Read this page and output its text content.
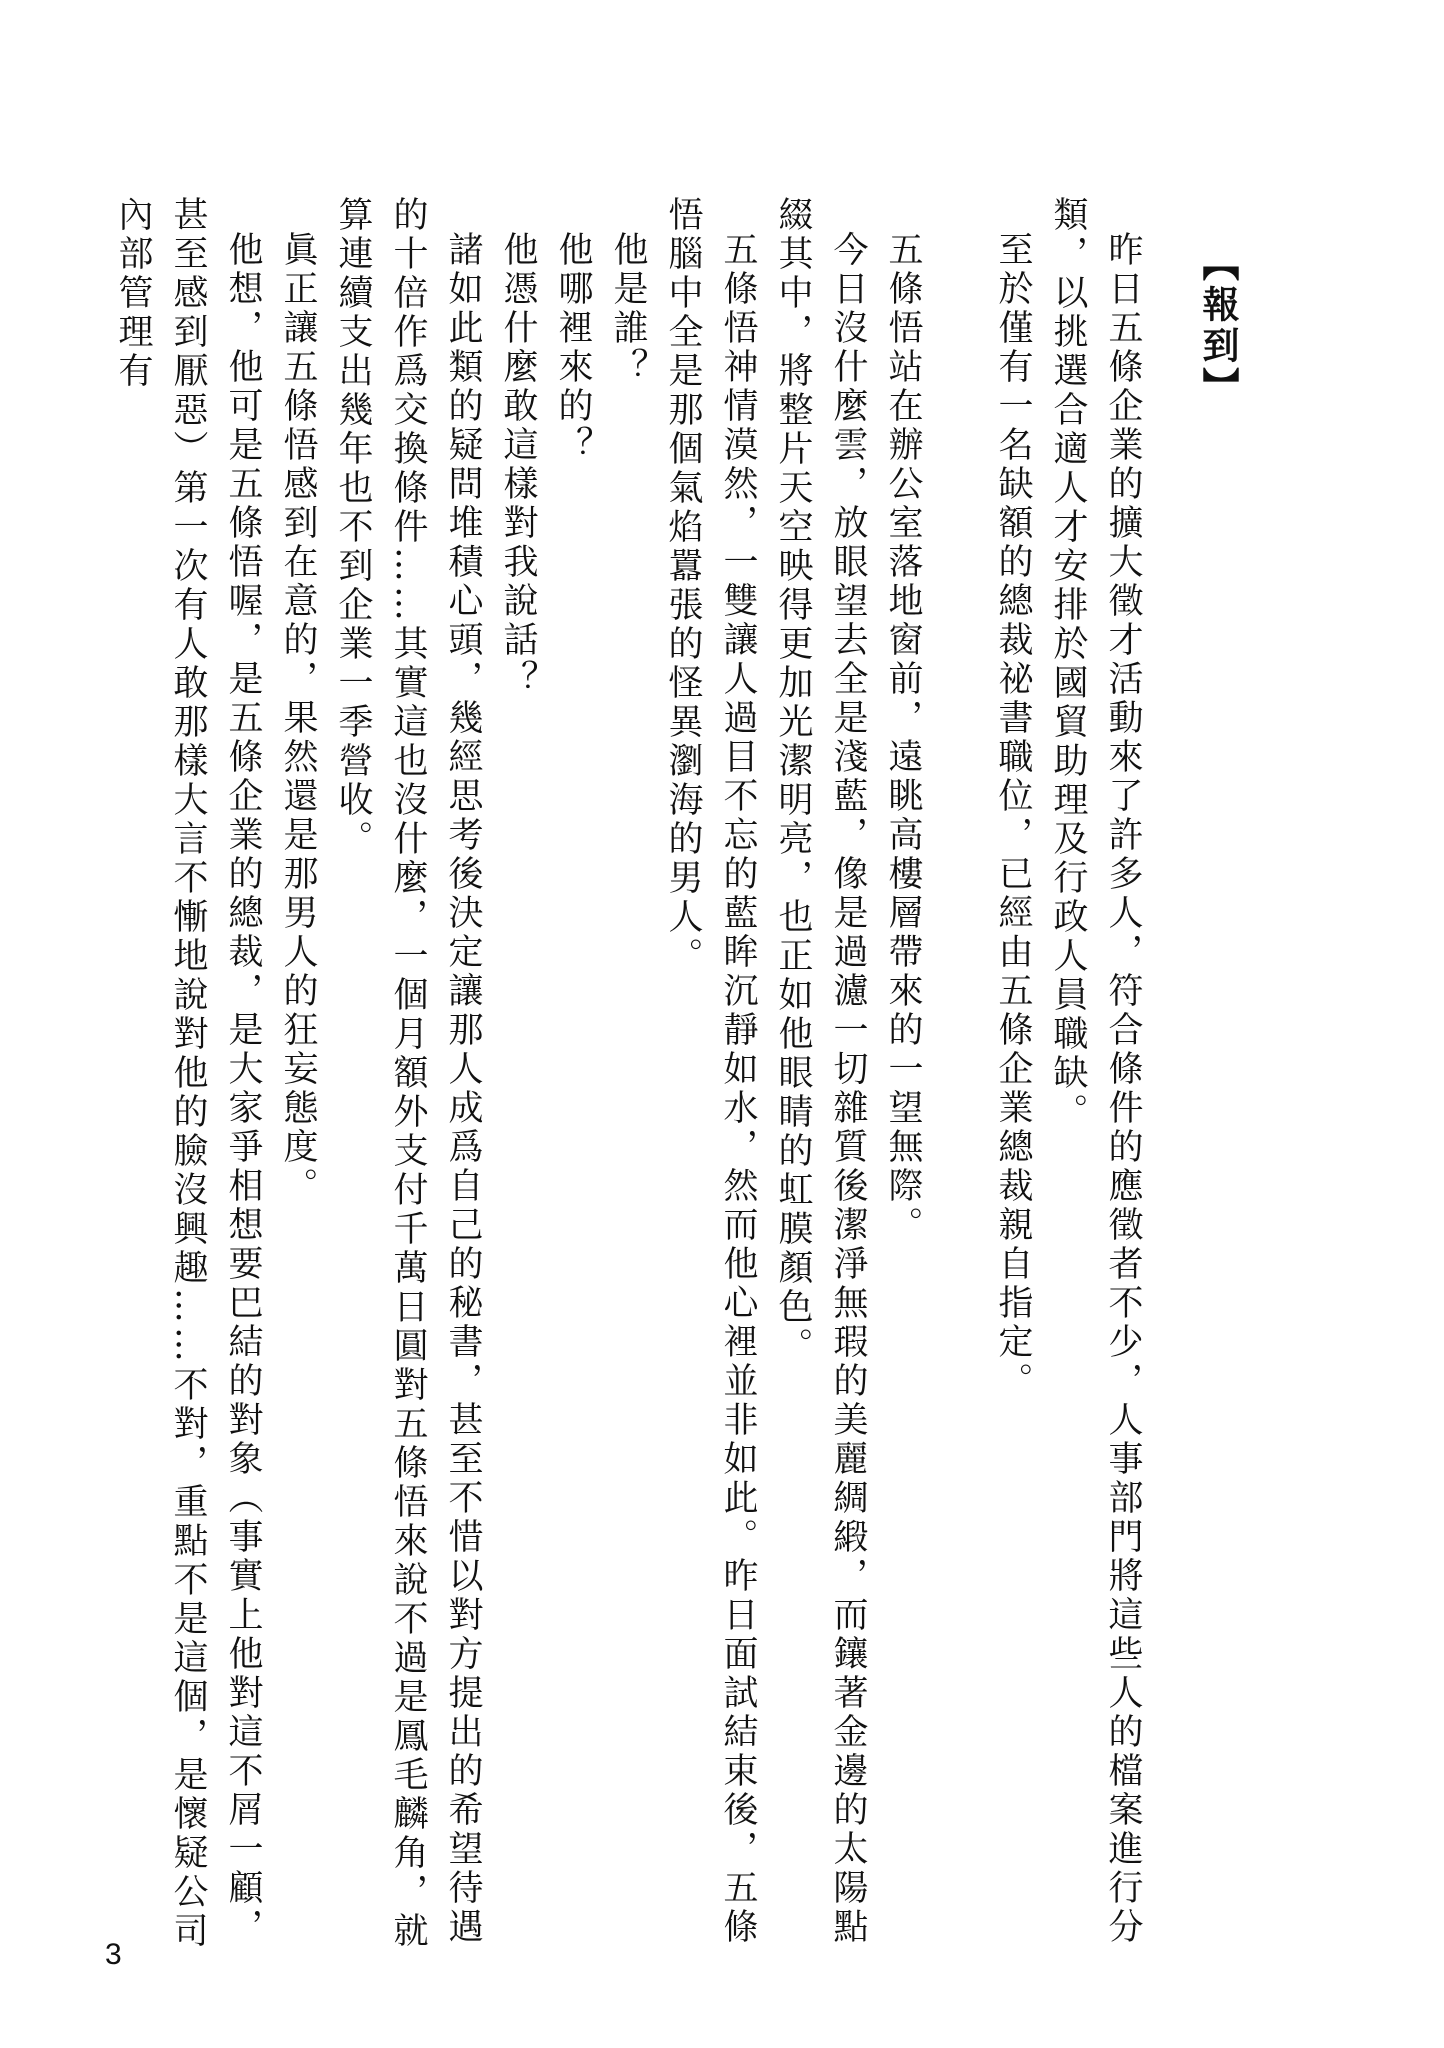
【報到】

昨日五條企業的擴大徵才活動來了許多人，符合條件的應徵者不少，人事部門將這些人的檔案進行分類，以挑選合適人才安排於國貿助理及行政人員職缺。

至於僅有一名缺額的總裁祕書職位，已經由五條企業總裁親自指定。

五條悟站在辦公室落地窗前，遠眺高樓層帶來的一望無際。

今日沒什麼雲，放眼望去全是淺藍，像是過濾一切雜質後潔淨無瑕的美麗綢緞，而鑲著金邊的太陽點綴其中，將整片天空映得更加光潔明亮，也正如他眼睛的虹膜顏色。

五條悟神情漠然，一雙讓人過目不忘的藍眸沉靜如水，然而他心裡並非如此。昨日面試結束後，五條悟腦中全是那個氣焰囂張的怪異瀏海的男人。

他是誰？

他哪裡來的？

他憑什麼敢這樣對我說話？

諸如此類的疑問堆積心頭，幾經思考後決定讓那人成爲自己的秘書，甚至不惜以對方提出的希望待遇的十倍作爲交換條件……其實這也沒什麼，一個月額外支付千萬日圓對五條悟來說不過是鳳毛麟角，就算連續支出幾年也不到企業一季營收。

眞正讓五條悟感到在意的，果然還是那男人的狂妄態度。

他想，他可是五條悟喔，是五條企業的總裁，是大家爭相想要巴結的對象（事實上他對這不屑一顧，甚至感到厭惡）第一次有人敢那樣大言不慚地說對他的臉沒興趣……不對，重點不是這個，是懷疑公司內部管理有

3
